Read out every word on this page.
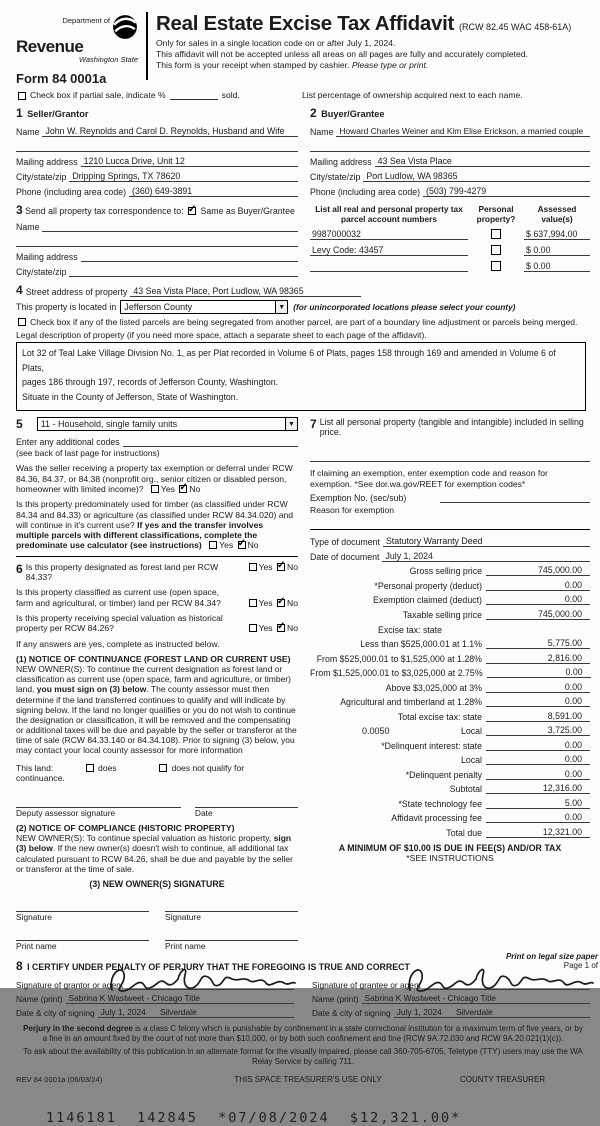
Department of
Revenue
Washington State
Form 84 0001a
Real Estate Excise Tax Affidavit (RCW 82.45 WAC 458-61A)
Only for sales in a single location code on or after July 1, 2024.
This affidavit will not be accepted unless all areas on all pages are fully and accurately completed.
This form is your receipt when stamped by cashier. Please type or print.
Check box if partial sale, indicate %	sold.	List percentage of ownership acquired next to each name.
1 Seller/Grantor
Name John W. Reynolds and Carol D. Reynolds, Husband and Wife
Mailing address 1210 Lucca Drive, Unit 12
City/state/zip Dripping Springs, TX 78620
Phone (including area code) (360) 649-3891
2 Buyer/Grantee
Name Howard Charles Weiner and Kim Elise Erickson, a married couple
Mailing address 43 Sea Vista Place
City/state/zip Port Ludlow, WA 98365
Phone (including area code) (503) 799-4279
3 Send all property tax correspondence to: ✓ Same as Buyer/Grantee
Name
Mailing address
City/state/zip
List all real and personal property tax
parcel account numbers
Personal
property?
Assessed
value(s)
9987000032	$ 637,994.00
Levy Code: 43457	$ 0.00
$ 0.00
4 Street address of property 43 Sea Vista Place, Port Ludlow, WA 98365
This property is located in Jefferson County	▼ (for unincorporated locations please select your county)
Check box if any of the listed parcels are being segregated from another parcel, are part of a boundary line adjustment or parcels being merged.
Legal description of property (if you need more space, attach a separate sheet to each page of the affidavit).
Lot 32 of Teal Lake Village Division No. 1, as per Plat recorded in Volume 6 of Plats, pages 158 through 169 and amended in Volume 6 of Plats,
pages 186 through 197, records of Jefferson County, Washington.
Situate in the County of Jefferson, State of Washington.
5 11 - Household, single family units	▼
Enter any additional codes
(see back of last page for instructions)
Was the seller receiving a property tax exemption or deferral under RCW 84.36, 84.37, or 84.38 (nonprofit org., senior citizen or disabled person, homeowner with limited income)? Yes ✓ No
Is this property predominately used for timber (as classified under RCW 84.34 and 84.33) or agriculture (as classified under RCW 84.34.020) and will continue in it's current use? If yes and the transfer involves multiple parcels with different classifications, complete the predominate use calculator (see instructions) Yes ✓ No
6 Is this property designated as forest land per RCW 84.33?
Yes ✓ No
Is this property classified as current use (open space, farm and agricultural, or timber) land per RCW 84.34?	Yes ✓ No
Is this property receiving special valuation as historical property per RCW 84.26?	Yes ✓ No
If any answers are yes, complete as instructed below.
(1) NOTICE OF CONTINUANCE (FOREST LAND OR CURRENT USE)
NEW OWNER(S): To continue the current designation as forest land or classification as current use (open space, farm and agriculture, or timber) land, you must sign on (3) below. The county assessor must then determine if the land transferred continues to qualify and will indicate by signing below. If the land no longer qualifies or you do not wish to continue the designation or classification, it will be removed and the compensating or additional taxes will be due and payable by the seller or transferor at the time of sale (RCW 84.33.140 or 84.34.108). Prior to signing (3) below, you may contact your local county assessor for more information
This land:	does	does not qualify for
continuance.
Deputy assessor signature	Date
(2) NOTICE OF COMPLIANCE (HISTORIC PROPERTY)
NEW OWNER(S): To continue special valuation as historic property, sign (3) below. If the new owner(s) doesn't wish to continue, all additional tax calculated pursuant to RCW 84.26, shall be due and payable by the seller or transferor at the time of sale.
(3) NEW OWNER(S) SIGNATURE
Signature	Signature
Print name	Print name
7 List all personal property (tangible and intangible) included in selling price.
If claiming an exemption, enter exemption code and reason for exemption. *See dor.wa.gov/REET for exemption codes*
Exemption No. (sec/sub)
Reason for exemption
Type of document Statutory Warranty Deed
Date of document July 1, 2024
Gross selling price	745,000.00
*Personal property (deduct)	0.00
Exemption claimed (deduct)	0.00
Taxable selling price	745,000.00
Excise tax: state
Less than $525,000.01 at 1.1%	5,775.00
From $525,000.01 to $1,525,000 at 1.28%	2,816.00
From $1,525,000.01 to $3,025,000 at 2.75%	0.00
Above $3,025,000 at 3%	0.00
Agricultural and timberland at 1.28%	0.00
Total excise tax: state	8,591.00
0.0050	Local	3,725.00
*Delinquent interest: state	0.00
Local	0.00
*Delinquent penalty	0.00
Subtotal	12,316.00
*State technology fee	5.00
Affidavit processing fee	0.00
Total due	12,321.00
A MINIMUM OF $10.00 IS DUE IN FEE(S) AND/OR TAX
*SEE INSTRUCTIONS
8 I CERTIFY UNDER PENALTY OF PERJURY THAT THE FOREGOING IS TRUE AND CORRECT
Signature of grantor or agent
Name (print) Sabrina K Wastweet - Chicago Title
Date & city of signing July 1, 2024 Silverdale
Signature of grantee or agent
Name (print) Sabrina K Wastweet - Chicago Title
Date & city of signing July 1, 2024 Silverdale
Perjury in the second degree is a class C felony which is punishable by confinement in a state correctional institution for a maximum term of five years, or by a fine in an amount fixed by the court of not more than $10,000, or by both such confinement and fine (RCW 9A.72.030 and RCW 9A.20.021(1)(c)).
To ask about the availability of this publication in an alternate format for the visually impaired, please call 360-705-6705. Teletype (TTY) users may use the WA Relay Service by calling 711.
REV 84 0001a (06/03/24)	THIS SPACE TREASURER'S USE ONLY	COUNTY TREASURER
1146181  142845  *07/08/2024  $12,321.00*
Print on legal size paper
Page 1 of
